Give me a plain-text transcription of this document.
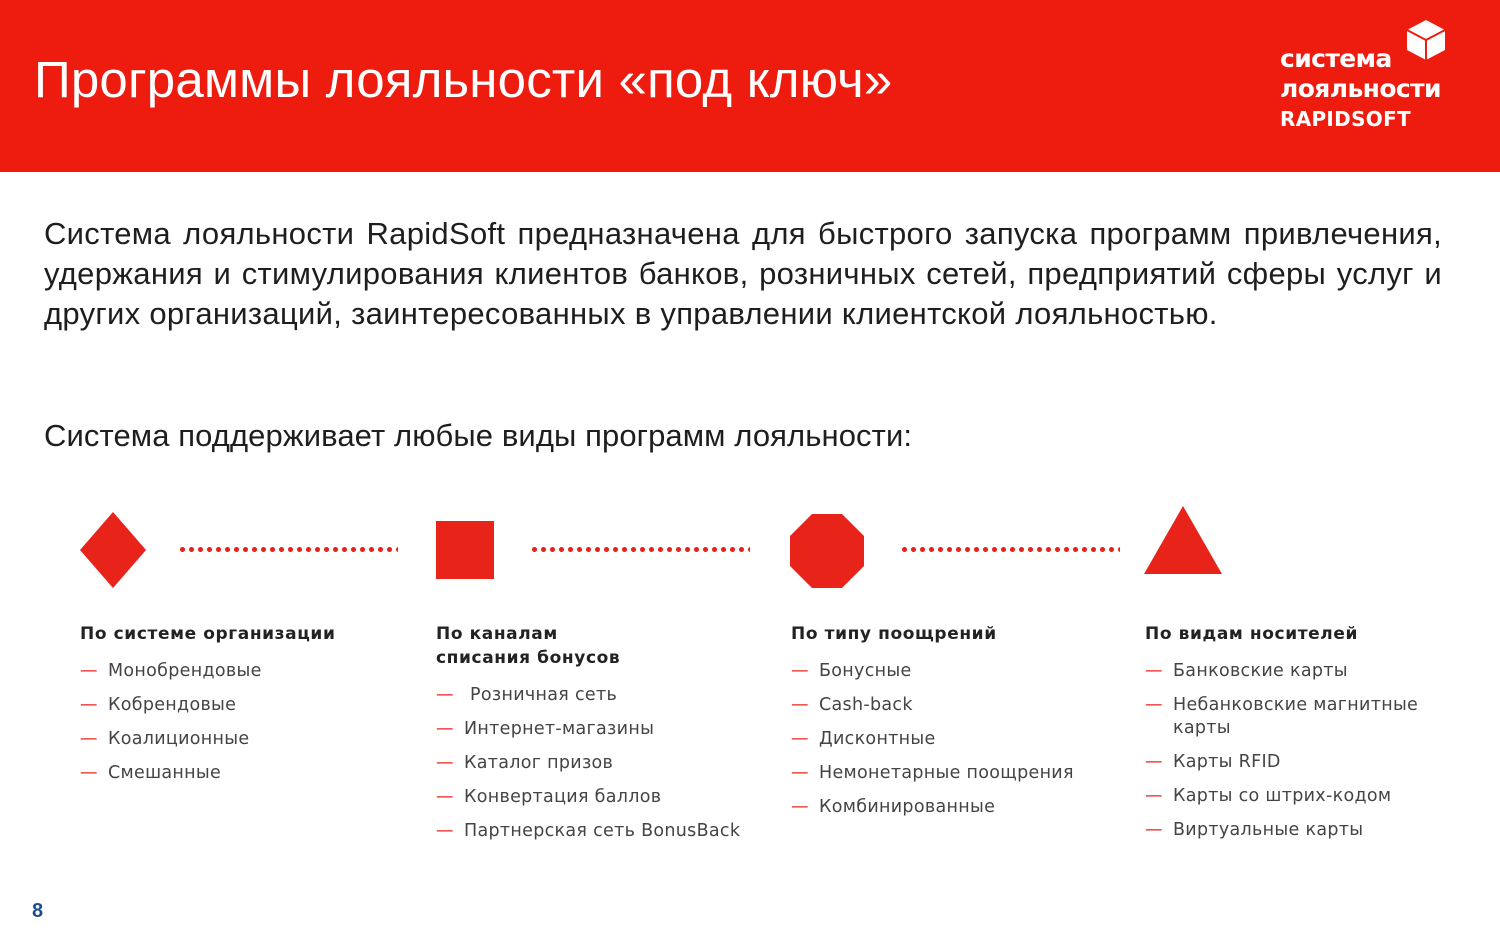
Программы лояльности «под ключ»	система
лояльности
RAPIDSOFT
Система лояльности RapidSoft предназначена для быстрого запуска программ привлечения, удержания и стимулирования клиентов банков, розничных сетей, предприятий сферы услуг и других организаций, заинтересованных в управлении клиентской лояльностью.
Система поддерживает любые виды программ лояльности:
По системе организации
— Монобрендовые
— Кобрендовые
— Коалиционные
— Смешанные
По каналам списания бонусов
— Розничная сеть
— Интернет-магазины
— Каталог призов
— Конвертация баллов
— Партнерская сеть BonusBack
По типу поощрений
— Бонусные
— Cash-back
— Дисконтные
— Немонетарные поощрения
— Комбинированные
По видам носителей
— Банковские карты
— Небанковские магнитные карты
— Карты RFID
— Карты со штрих-кодом
— Виртуальные карты
8
